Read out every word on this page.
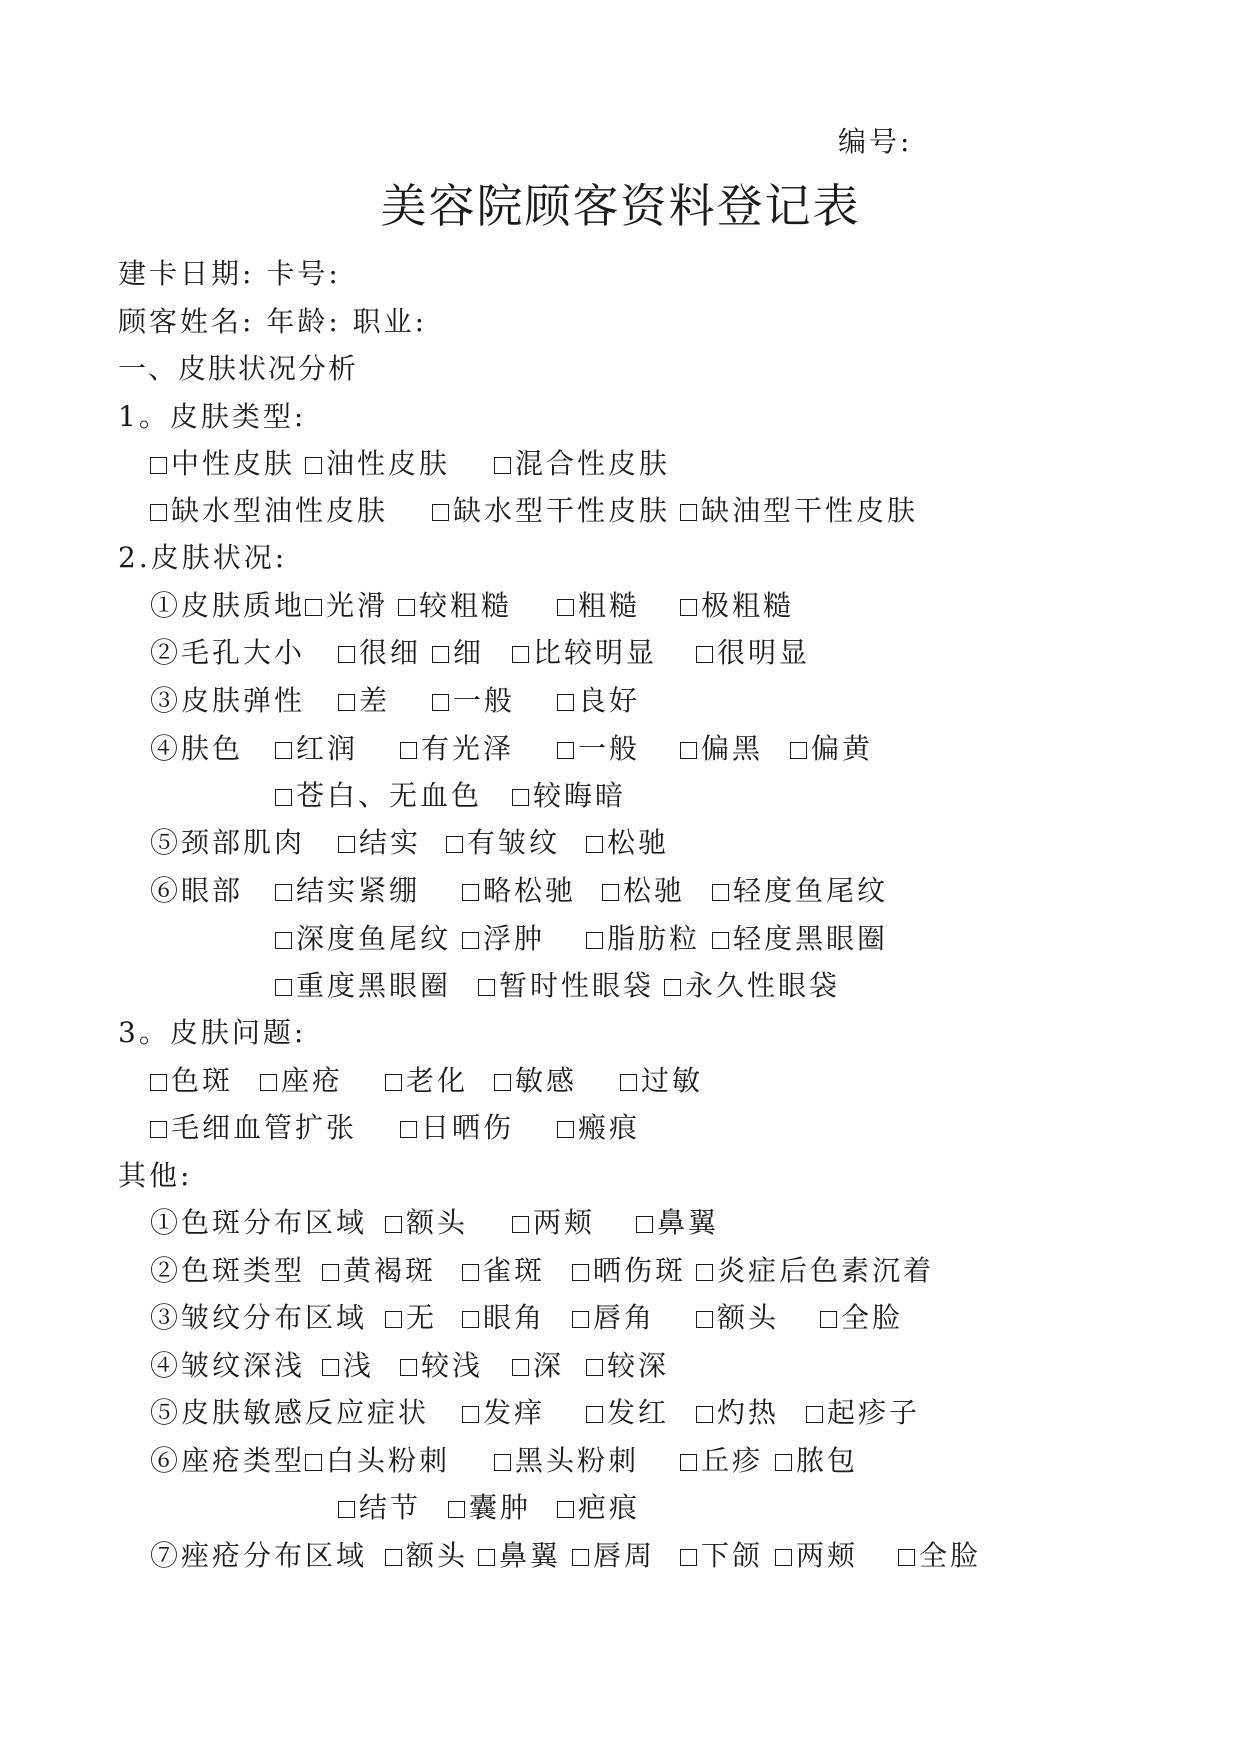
编号:
美容院顾客资料登记表
建卡日期: 卡号:
顾客姓名: 年龄: 职业:
一、皮肤状况分析
1。皮肤类型:
中性皮肤	油性皮肤	混合性皮肤
缺水型油性皮肤	缺水型干性皮肤	缺油型干性皮肤
2.皮肤状况:
①皮肤质地 光滑	较粗糙	粗糙	极粗糙
②毛孔大小	很细	细	比较明显	很明显
③皮肤弹性	差	一般	良好
④肤色	红润	有光泽	一般	偏黑	偏黄
苍白、无血色	较晦暗
⑤颈部肌肉	结实	有皱纹	松驰
⑥眼部	结实紧绷	略松驰	松驰	轻度鱼尾纹
深度鱼尾纹	浮肿	脂肪粒	轻度黑眼圈
重度黑眼圈	暂时性眼袋	永久性眼袋
3。皮肤问题:
色斑	座疮	老化	敏感	过敏
毛细血管扩张	日晒伤	瘢痕
其他:
①色斑分布区域	额头	两颊	鼻翼
②色斑类型	黄褐斑	雀斑	晒伤斑	炎症后色素沉着
③皱纹分布区域	无	眼角	唇角	额头	全脸
④皱纹深浅	浅	较浅	深	较深
⑤皮肤敏感反应症状	发痒	发红	灼热	起疹子
⑥座疮类型 白头粉刺	黑头粉刺	丘疹	脓包
结节	囊肿	疤痕
⑦痤疮分布区域	额头	鼻翼	唇周	下颌	两颊	全脸
